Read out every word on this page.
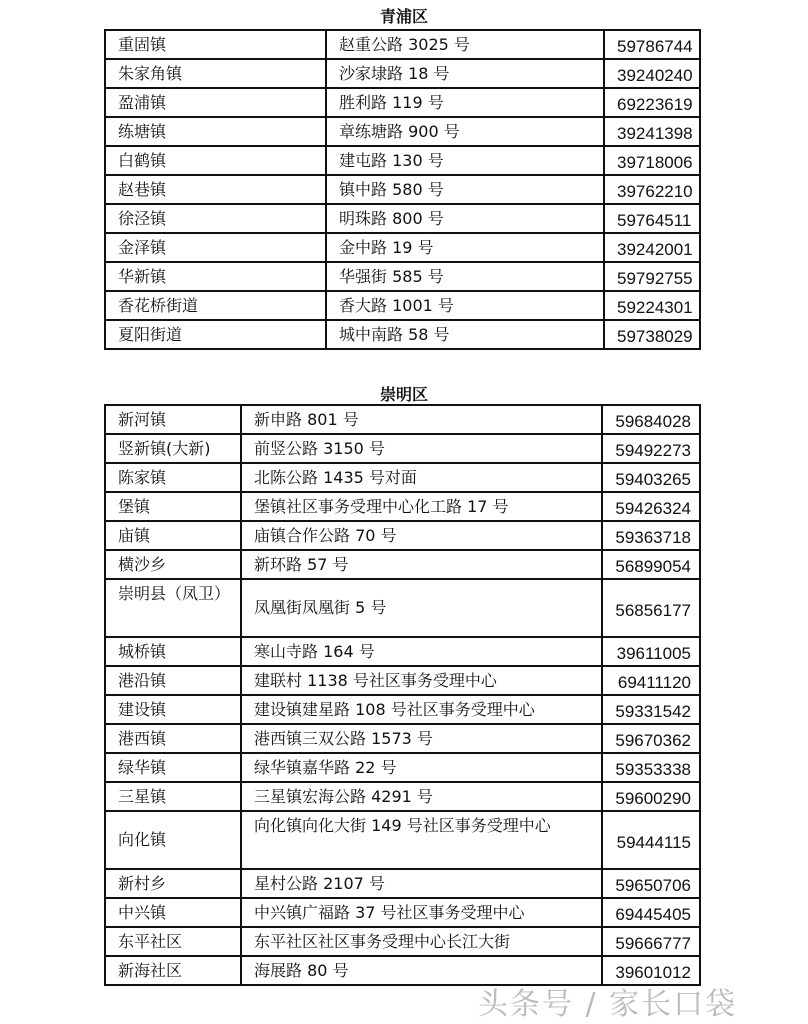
青浦区
重固镇	赵重公路 3025 号	59786744
朱家角镇	沙家埭路 18 号	39240240
盈浦镇	胜利路 119 号	69223619
练塘镇	章练塘路 900 号	39241398
白鹤镇	建屯路 130 号	39718006
赵巷镇	镇中路 580 号	39762210
徐泾镇	明珠路 800 号	59764511
金泽镇	金中路 19 号	39242001
华新镇	华强街 585 号	59792755
香花桥街道	香大路 1001 号	59224301
夏阳街道	城中南路 58 号	59738029
崇明区
新河镇	新申路 801 号	59684028
竖新镇(大新)	前竖公路 3150 号	59492273
陈家镇	北陈公路 1435 号对面	59403265
堡镇	堡镇社区事务受理中心化工路 17 号	59426324
庙镇	庙镇合作公路 70 号	59363718
横沙乡	新环路 57 号	56899054
崇明县（凤卫）	凤凰街凤凰街 5 号	56856177
城桥镇	寒山寺路 164 号	39611005
港沿镇	建联村 1138 号社区事务受理中心	69411120
建设镇	建设镇建星路 108 号社区事务受理中心	59331542
港西镇	港西镇三双公路 1573 号	59670362
绿华镇	绿华镇嘉华路 22 号	59353338
三星镇	三星镇宏海公路 4291 号	59600290
向化镇	向化镇向化大街 149 号社区事务受理中心	59444115
新村乡	星村公路 2107 号	59650706
中兴镇	中兴镇广福路 37 号社区事务受理中心	69445405
东平社区	东平社区社区事务受理中心长江大街	59666777
新海社区	海展路 80 号	39601012
头条号 / 家长口袋
